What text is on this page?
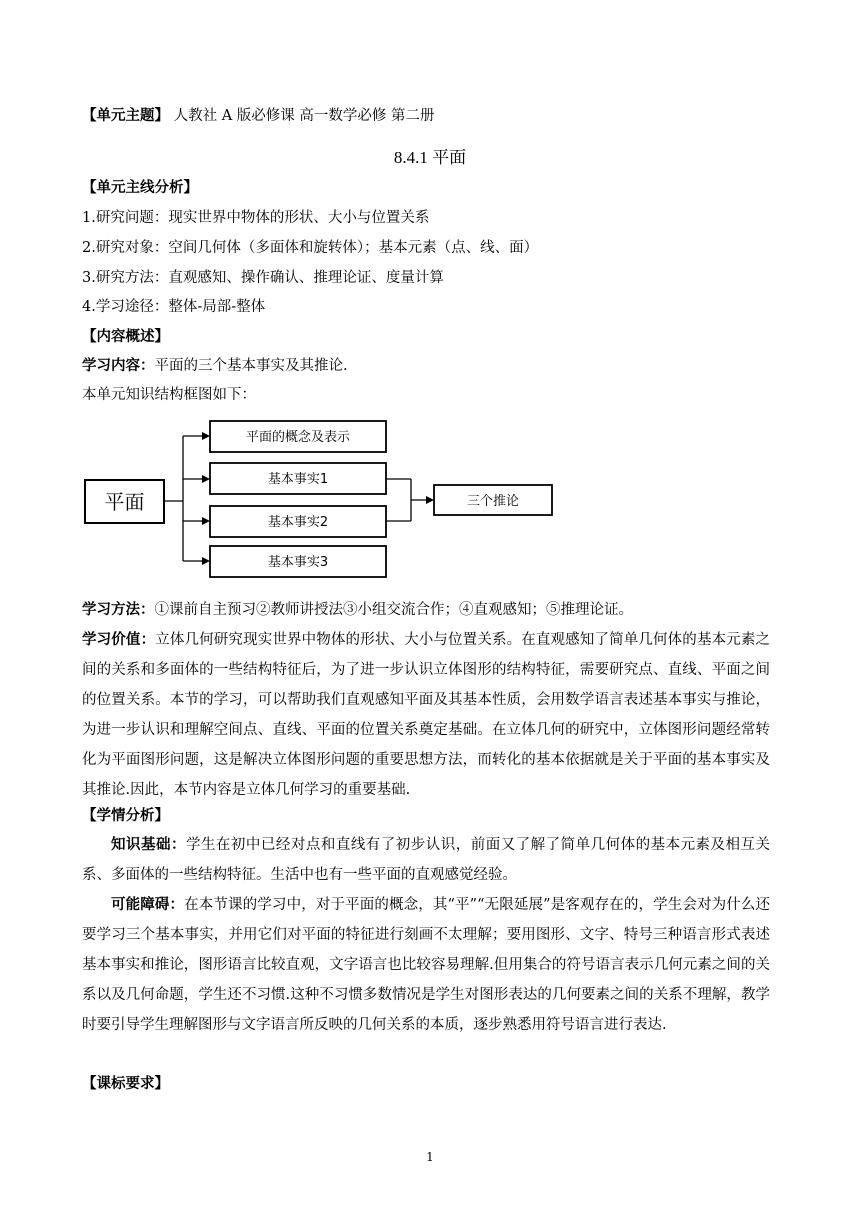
【单元主题】 人教社 A 版必修课 高一数学必修 第二册
8.4.1 平面
【单元主线分析】
1.研究问题：现实世界中物体的形状、大小与位置关系
2.研究对象：空间几何体（多面体和旋转体）；基本元素（点、线、面）
3.研究方法：直观感知、操作确认、推理论证、度量计算
4.学习途径：整体-局部-整体
【内容概述】
学习内容：平面的三个基本事实及其推论.
本单元知识结构框图如下：
平面
平面的概念及表示
基本事实1
基本事实2
基本事实3
三个推论
学习方法：①课前自主预习②教师讲授法③小组交流合作；④直观感知；⑤推理论证。
学习价值：立体几何研究现实世界中物体的形状、大小与位置关系。在直观感知了简单几何体的基本元素之间的关系和多面体的一些结构特征后，为了进一步认识立体图形的结构特征，需要研究点、直线、平面之间的位置关系。本节的学习，可以帮助我们直观感知平面及其基本性质，会用数学语言表述基本事实与推论，为进一步认识和理解空间点、直线、平面的位置关系奠定基础。在立体几何的研究中，立体图形问题经常转化为平面图形问题，这是解决立体图形问题的重要思想方法，而转化的基本依据就是关于平面的基本事实及其推论.因此，本节内容是立体几何学习的重要基础.
【学情分析】
知识基础：学生在初中已经对点和直线有了初步认识，前面又了解了简单几何体的基本元素及相互关系、多面体的一些结构特征。生活中也有一些平面的直观感觉经验。
可能障碍：在本节课的学习中，对于平面的概念，其“平”“无限延展”是客观存在的，学生会对为什么还要学习三个基本事实，并用它们对平面的特征进行刻画不太理解；要用图形、文字、特号三种语言形式表述基本事实和推论，图形语言比较直观，文字语言也比较容易理解.但用集合的符号语言表示几何元素之间的关系以及几何命题，学生还不习惯.这种不习惯多数情况是学生对图形表达的几何要素之间的关系不理解，教学时要引导学生理解图形与文字语言所反映的几何关系的本质，逐步熟悉用符号语言进行表达.
【课标要求】
1
